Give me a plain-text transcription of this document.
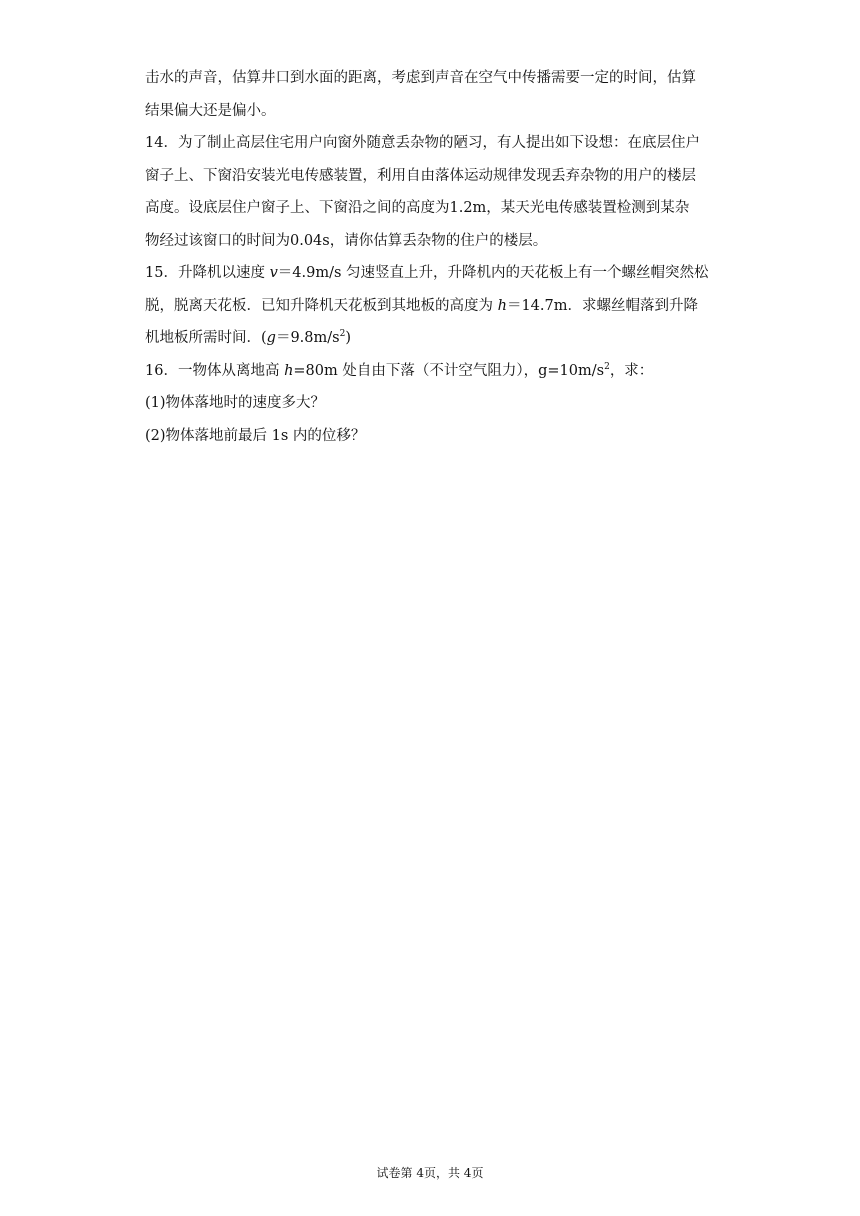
击水的声音，估算井口到水面的距离，考虑到声音在空气中传播需要一定的时间，估算
结果偏大还是偏小。
14．为了制止高层住宅用户向窗外随意丢杂物的陋习，有人提出如下设想：在底层住户
窗子上、下窗沿安装光电传感装置，利用自由落体运动规律发现丢弃杂物的用户的楼层
高度。设底层住户窗子上、下窗沿之间的高度为1.2m，某天光电传感装置检测到某杂
物经过该窗口的时间为0.04s，请你估算丢杂物的住户的楼层。
15．升降机以速度 v＝4.9m/s 匀速竖直上升，升降机内的天花板上有一个螺丝帽突然松
脱，脱离天花板．已知升降机天花板到其地板的高度为 h＝14.7m．求螺丝帽落到升降
机地板所需时间．$(g=9.8m/s^2)$
16．一物体从离地高 h=80m 处自由下落（不计空气阻力），$g=10m/s^2$，求：
(1)物体落地时的速度多大？
(2)物体落地前最后 1s 内的位移？
试卷第 4页，共 4页
